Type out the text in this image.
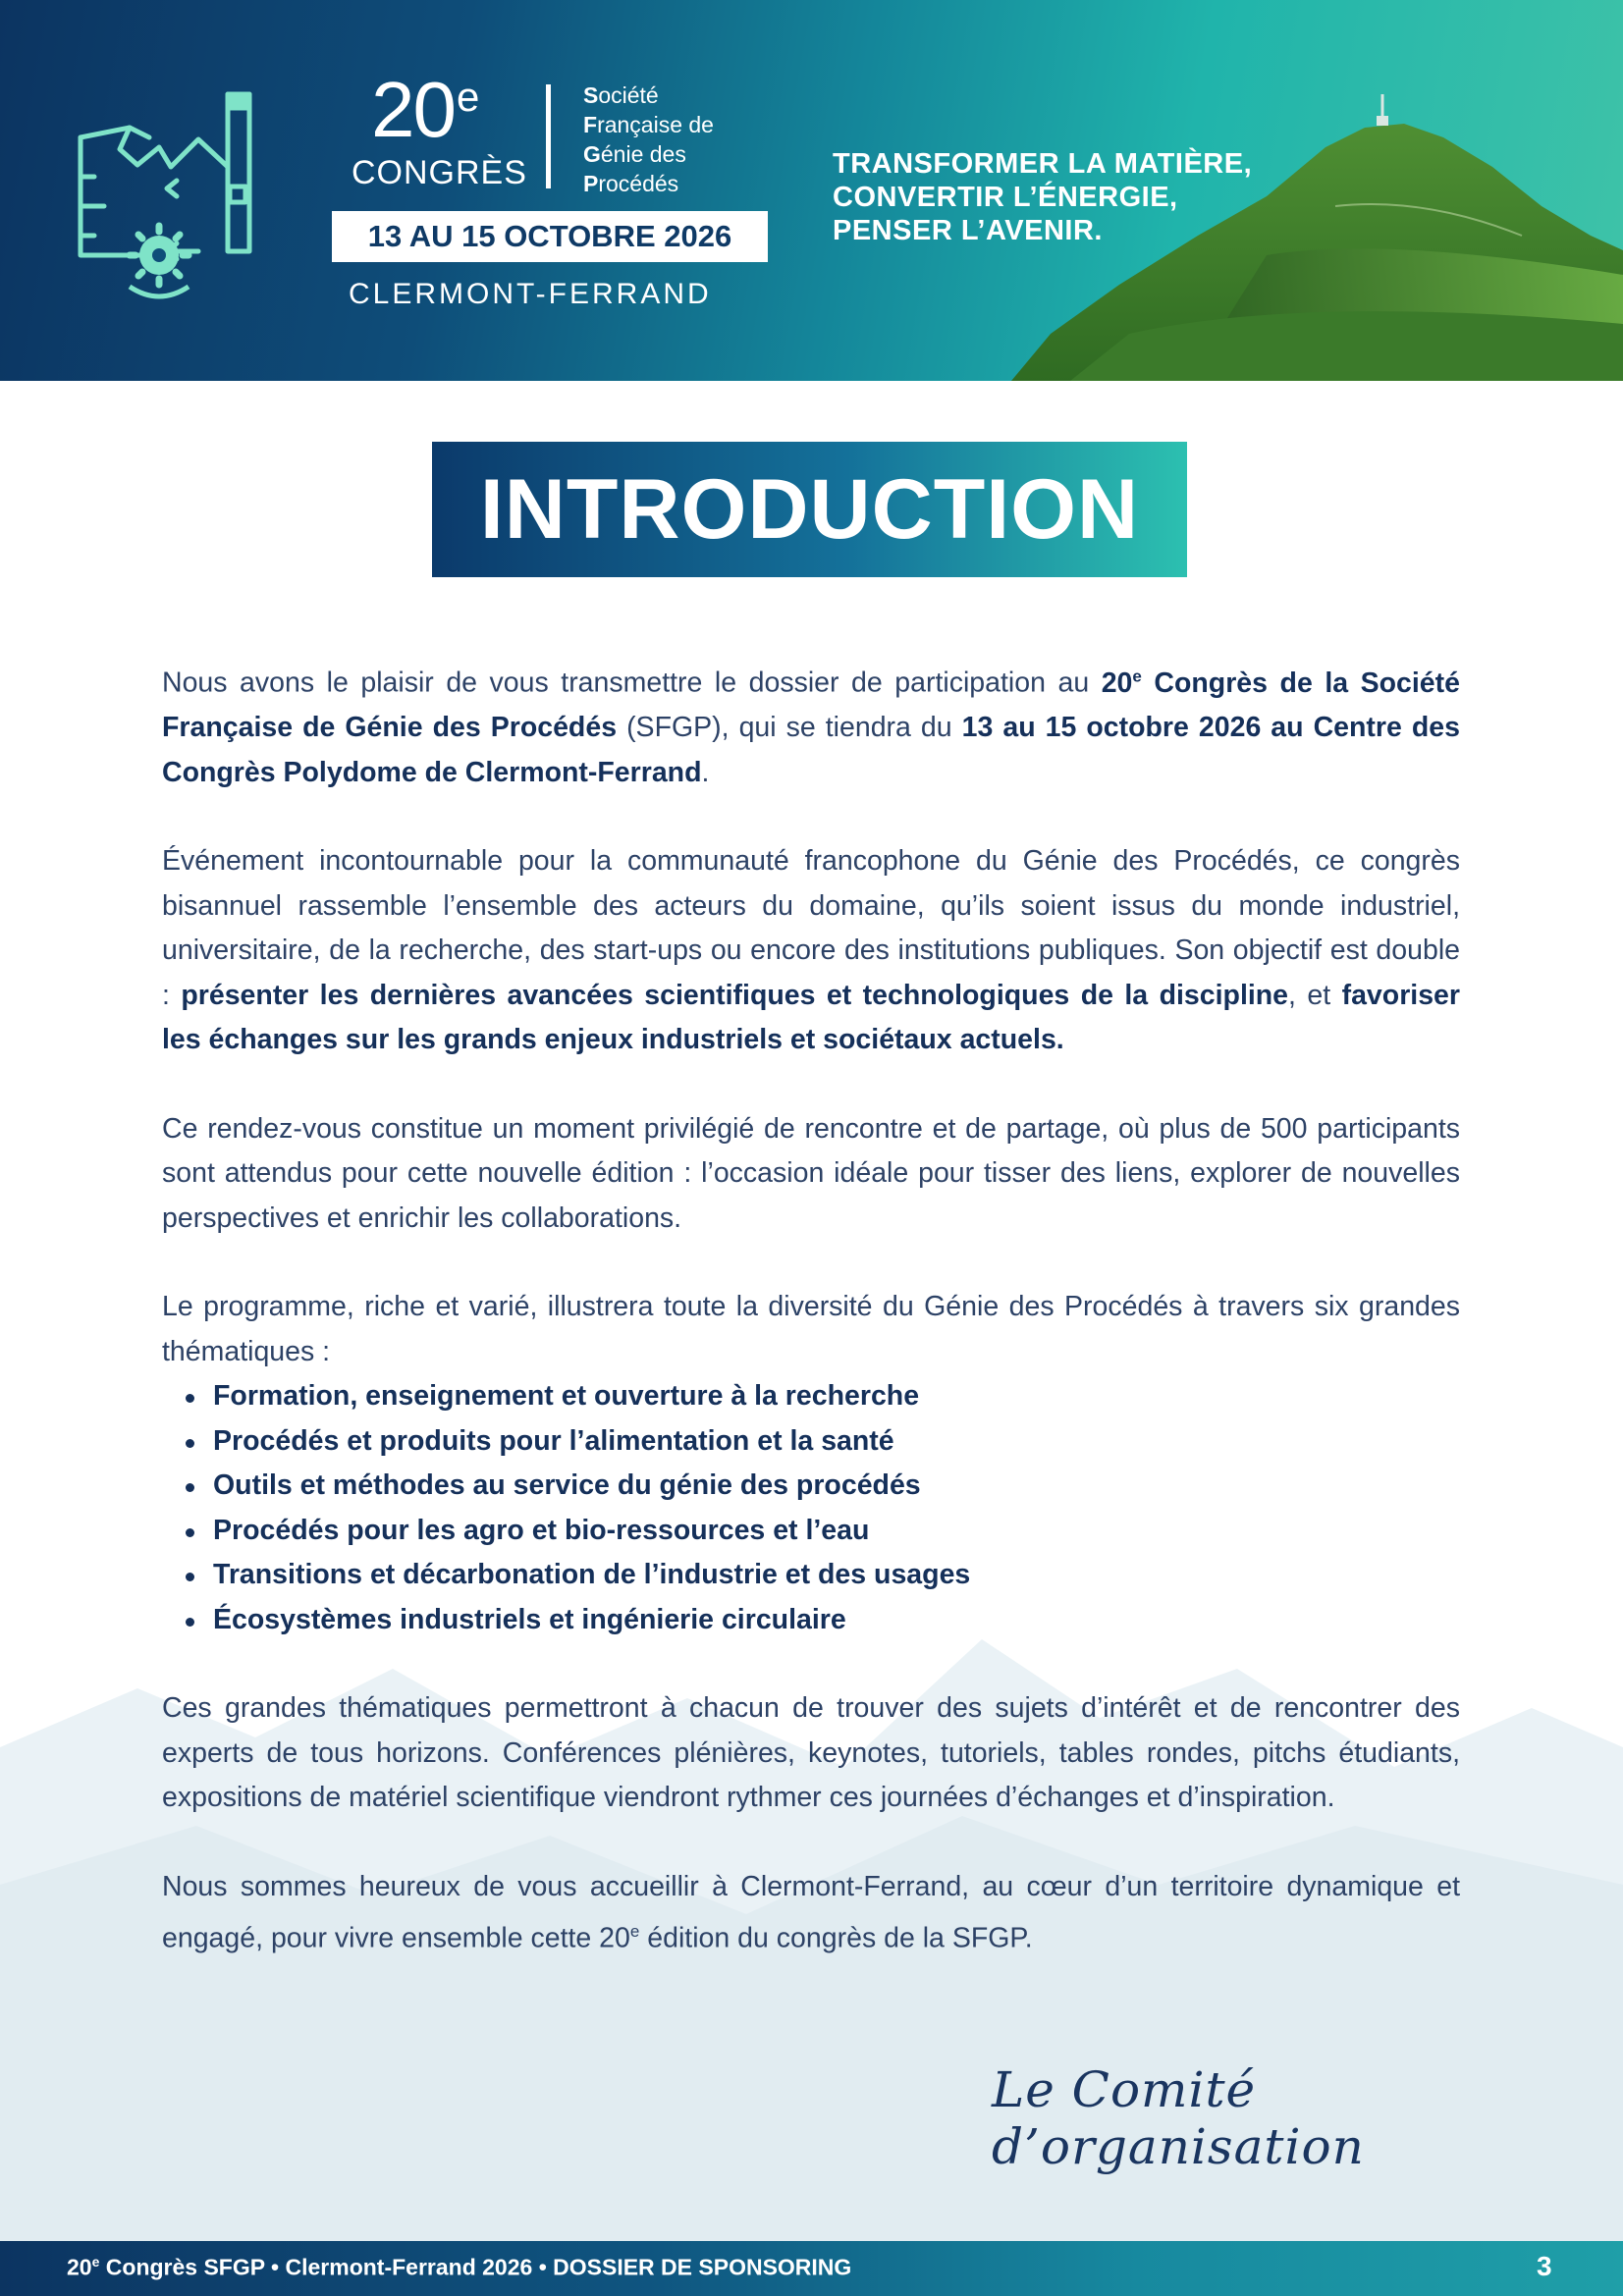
20e
CONGRÈS
Société
Française de
Génie des
Procédés
13 AU 15 OCTOBRE 2026
CLERMONT-FERRAND
TRANSFORMER LA MATIÈRE,
CONVERTIR L’ÉNERGIE,
PENSER L’AVENIR.
INTRODUCTION

Nous avons le plaisir de vous transmettre le dossier de participation au 20e Congrès de la Société Française de Génie des Procédés (SFGP), qui se tiendra du 13 au 15 octobre 2026 au Centre des Congrès Polydome de Clermont-Ferrand.

Événement incontournable pour la communauté francophone du Génie des Procédés, ce congrès bisannuel rassemble l’ensemble des acteurs du domaine, qu’ils soient issus du monde industriel, universitaire, de la recherche, des start-ups ou encore des institutions publiques. Son objectif est double : présenter les dernières avancées scientifiques et technologiques de la discipline, et favoriser les échanges sur les grands enjeux industriels et sociétaux actuels.

Ce rendez-vous constitue un moment privilégié de rencontre et de partage, où plus de 500 participants sont attendus pour cette nouvelle édition : l’occasion idéale pour tisser des liens, explorer de nouvelles perspectives et enrichir les collaborations.

Le programme, riche et varié, illustrera toute la diversité du Génie des Procédés à travers six grandes thématiques :

Formation, enseignement et ouverture à la recherche
Procédés et produits pour l’alimentation et la santé
Outils et méthodes au service du génie des procédés
Procédés pour les agro et bio-ressources et l’eau
Transitions et décarbonation de l’industrie et des usages
Écosystèmes industriels et ingénierie circulaire

Ces grandes thématiques permettront à chacun de trouver des sujets d’intérêt et de rencontrer des experts de tous horizons. Conférences plénières, keynotes, tutoriels, tables rondes, pitchs étudiants, expositions de matériel scientifique viendront rythmer ces journées d’échanges et d’inspiration.

Nous sommes heureux de vous accueillir à Clermont-Ferrand, au cœur d’un territoire dynamique et engagé, pour vivre ensemble cette 20e édition du congrès de la SFGP.

Le Comité d’organisation
20e Congrès SFGP • Clermont-Ferrand 2026 • DOSSIER DE SPONSORING	3
